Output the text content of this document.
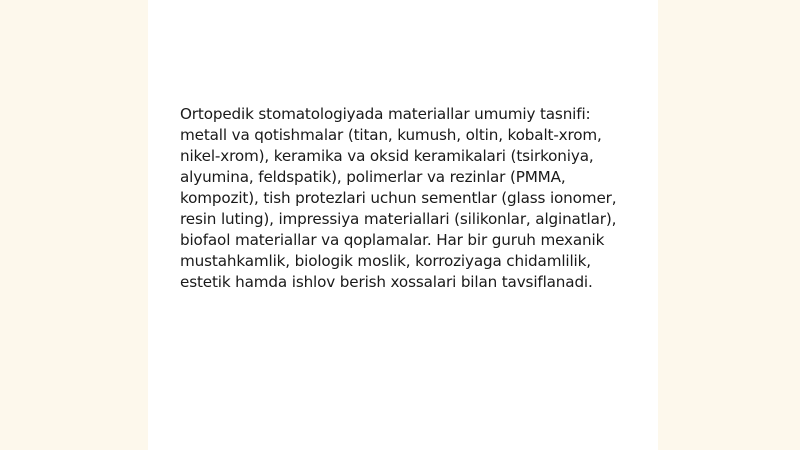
Ortopedik stomatologiyada materiallar umumiy tasnifi: metall va qotishmalar (titan, kumush, oltin, kobalt-xrom, nikel-xrom), keramika va oksid keramikalari (tsirkoniya, alyumina, feldspatik), polimerlar va rezinlar (PMMA, kompozit), tish protezlari uchun sementlar (glass ionomer, resin luting), impressiya materiallari (silikonlar, alginatlar), biofaol materiallar va qoplamalar. Har bir guruh mexanik mustahkamlik, biologik moslik, korroziyaga chidamlilik, estetik hamda ishlov berish xossalari bilan tavsiflanadi.
